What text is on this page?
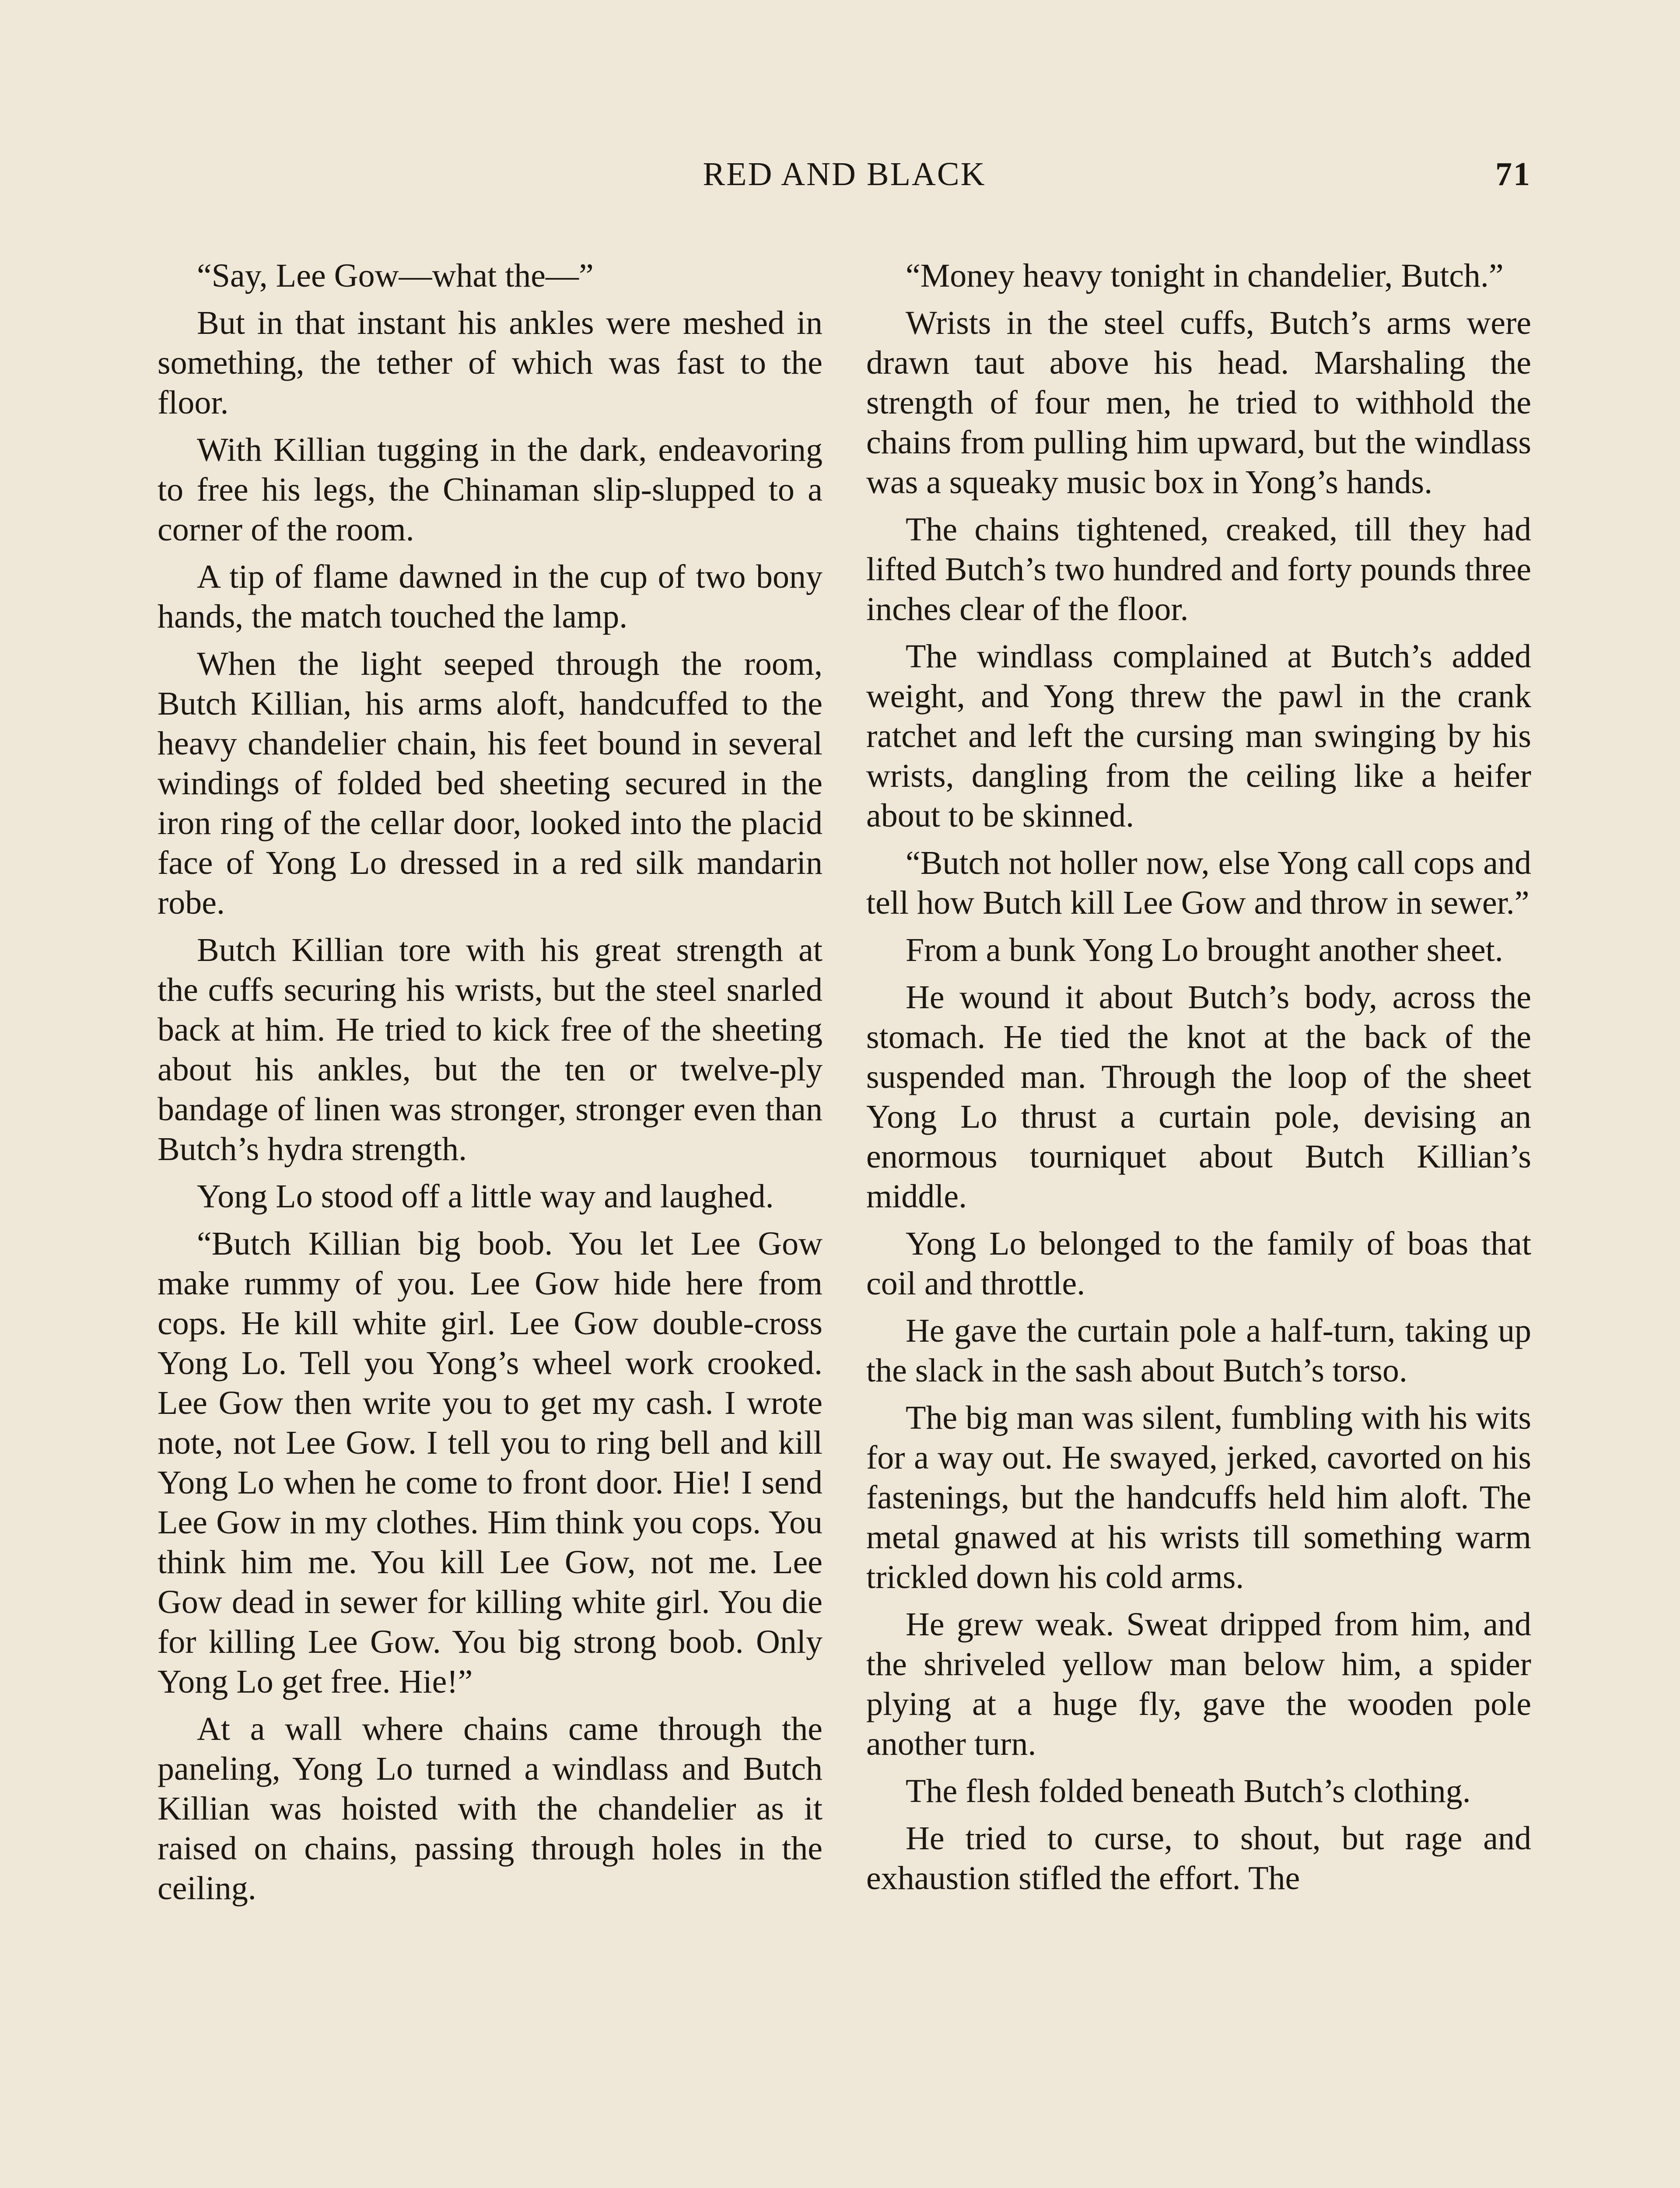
RED AND BLACK	71

“Say, Lee Gow—what the—”

But in that instant his ankles were meshed in something, the tether of which was fast to the floor.

With Killian tugging in the dark, endeavoring to free his legs, the Chinaman slip-slupped to a corner of the room.

A tip of flame dawned in the cup of two bony hands, the match touched the lamp.

When the light seeped through the room, Butch Killian, his arms aloft, handcuffed to the heavy chandelier chain, his feet bound in several windings of folded bed sheeting secured in the iron ring of the cellar door, looked into the placid face of Yong Lo dressed in a red silk mandarin robe.

Butch Killian tore with his great strength at the cuffs securing his wrists, but the steel snarled back at him. He tried to kick free of the sheeting about his ankles, but the ten or twelve-ply bandage of linen was stronger, stronger even than Butch’s hydra strength.

Yong Lo stood off a little way and laughed.

“Butch Killian big boob. You let Lee Gow make rummy of you. Lee Gow hide here from cops. He kill white girl. Lee Gow double-cross Yong Lo. Tell you Yong’s wheel work crooked. Lee Gow then write you to get my cash. I wrote note, not Lee Gow. I tell you to ring bell and kill Yong Lo when he come to front door. Hie! I send Lee Gow in my clothes. Him think you cops. You think him me. You kill Lee Gow, not me. Lee Gow dead in sewer for killing white girl. You die for killing Lee Gow. You big strong boob. Only Yong Lo get free. Hie!”

At a wall where chains came through the paneling, Yong Lo turned a windlass and Butch Killian was hoisted with the chandelier as it raised on chains, passing through holes in the ceiling.

“Money heavy tonight in chandelier, Butch.”

Wrists in the steel cuffs, Butch’s arms were drawn taut above his head. Marshaling the strength of four men, he tried to withhold the chains from pulling him upward, but the windlass was a squeaky music box in Yong’s hands.

The chains tightened, creaked, till they had lifted Butch’s two hundred and forty pounds three inches clear of the floor.

The windlass complained at Butch’s added weight, and Yong threw the pawl in the crank ratchet and left the cursing man swinging by his wrists, dangling from the ceiling like a heifer about to be skinned.

“Butch not holler now, else Yong call cops and tell how Butch kill Lee Gow and throw in sewer.”

From a bunk Yong Lo brought another sheet.

He wound it about Butch’s body, across the stomach. He tied the knot at the back of the suspended man. Through the loop of the sheet Yong Lo thrust a curtain pole, devising an enormous tourniquet about Butch Killian’s middle.

Yong Lo belonged to the family of boas that coil and throttle.

He gave the curtain pole a half-turn, taking up the slack in the sash about Butch’s torso.

The big man was silent, fumbling with his wits for a way out. He swayed, jerked, cavorted on his fastenings, but the handcuffs held him aloft. The metal gnawed at his wrists till something warm trickled down his cold arms.

He grew weak. Sweat dripped from him, and the shriveled yellow man below him, a spider plying at a huge fly, gave the wooden pole another turn.

The flesh folded beneath Butch’s clothing.

He tried to curse, to shout, but rage and exhaustion stifled the effort. The
